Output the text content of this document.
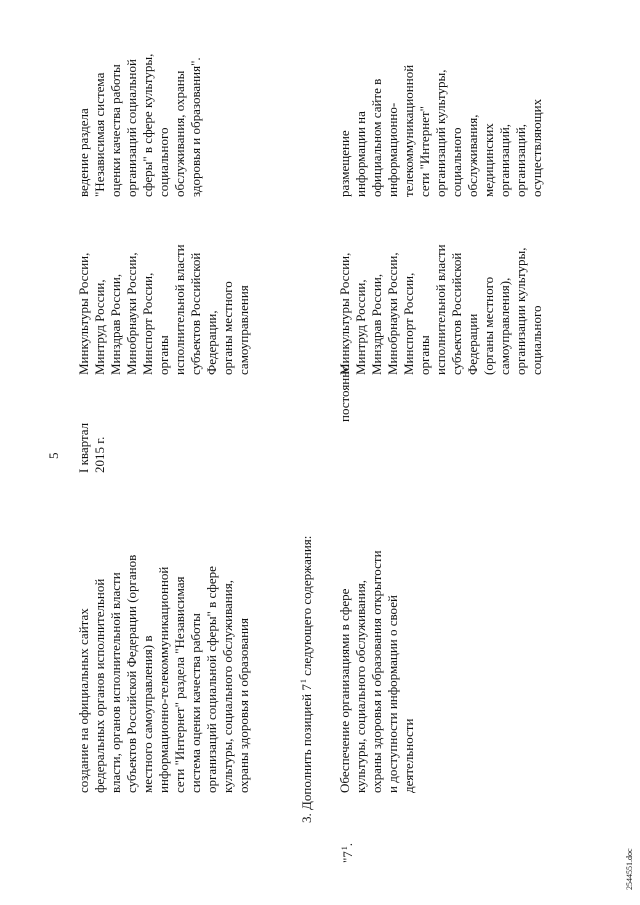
5
создание на официальных сайтах федеральных органов исполнительной власти, органов исполнительной власти субъектов Российской Федерации (органов местного самоуправления) в информационно-телекоммуникационной сети "Интернет" раздела "Независимая система оценки качества работы организаций социальной сферы" в сфере культуры, социального обслуживания, охраны здоровья и образования
I квартал 2015 г.
Минкультуры России, Минтруд России, Минздрав России, Минобрнауки России, Минспорт России, органы исполнительной власти субъектов Российской Федерации, органы местного самоуправления
ведение раздела "Независимая система оценки качества работы организаций социальной сферы" в сфере культуры, социального обслуживания, охраны здоровья и образования".
3. Дополнить позицией $7^1$ следующего содержания:
"$7^1$.
Обеспечение организациями в сфере культуры, социального обслуживания, охраны здоровья и образования открытости и доступности информации о своей деятельности
постоянно
Минкультуры России, Минтруд России, Минздрав России, Минобрнауки России, Минспорт России, органы исполнительной власти субъектов Российской Федерации (органы местного самоуправления), организации культуры, социального
размещение информации на официальном сайте в информационно- телекоммуникационной сети "Интернет" организаций культуры, социального обслуживания, медицинских организаций, организаций, осуществляющих
2544551.doc
